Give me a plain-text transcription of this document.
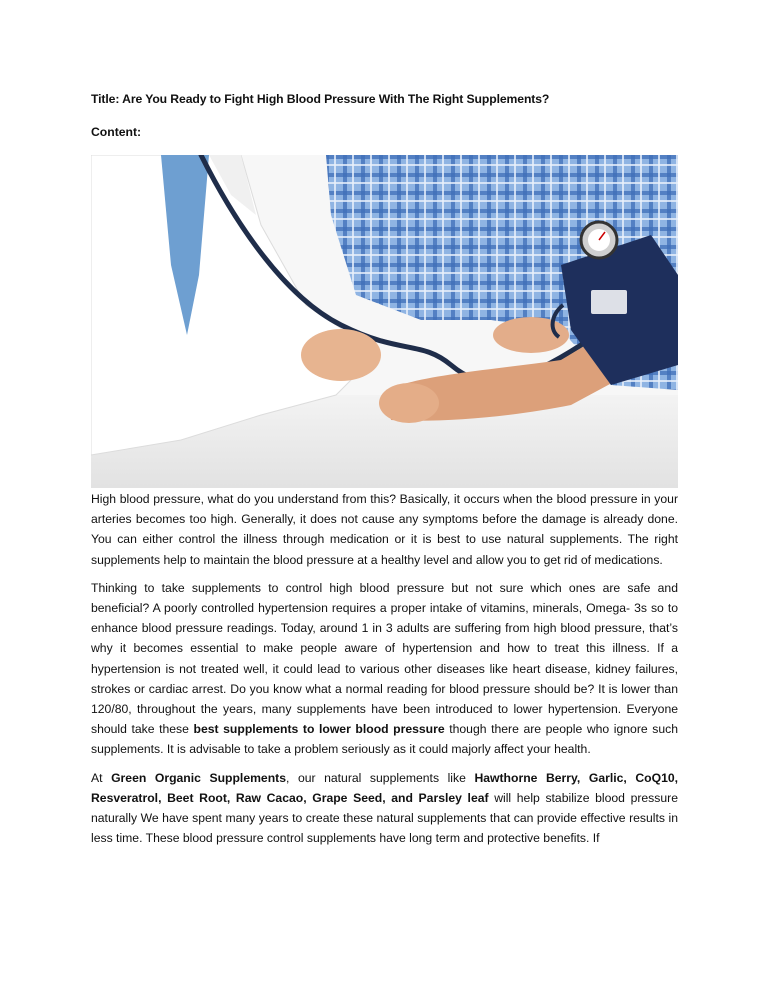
Title: Are You Ready to Fight High Blood Pressure With The Right Supplements?
Content:

High blood pressure, what do you understand from this? Basically, it occurs when the blood pressure in your arteries becomes too high. Generally, it does not cause any symptoms before the damage is already done. You can either control the illness through medication or it is best to use natural supplements. The right supplements help to maintain the blood pressure at a healthy level and allow you to get rid of medications.

Thinking to take supplements to control high blood pressure but not sure which ones are safe and beneficial? A poorly controlled hypertension requires a proper intake of vitamins, minerals, Omega- 3s so to enhance blood pressure readings. Today, around 1 in 3 adults are suffering from high blood pressure, that’s why it becomes essential to make people aware of hypertension and how to treat this illness. If a hypertension is not treated well, it could lead to various other diseases like heart disease, kidney failures, strokes or cardiac arrest. Do you know what a normal reading for blood pressure should be? It is lower than 120/80, throughout the years, many supplements have been introduced to lower hypertension. Everyone should take these best supplements to lower blood pressure though there are people who ignore such supplements. It is advisable to take a problem seriously as it could majorly affect your health.

At Green Organic Supplements, our natural supplements like Hawthorne Berry, Garlic, CoQ10, Resveratrol, Beet Root, Raw Cacao, Grape Seed, and Parsley leaf will help stabilize blood pressure naturally We have spent many years to create these natural supplements that can provide effective results in less time. These blood pressure control supplements have long term and protective benefits. If
